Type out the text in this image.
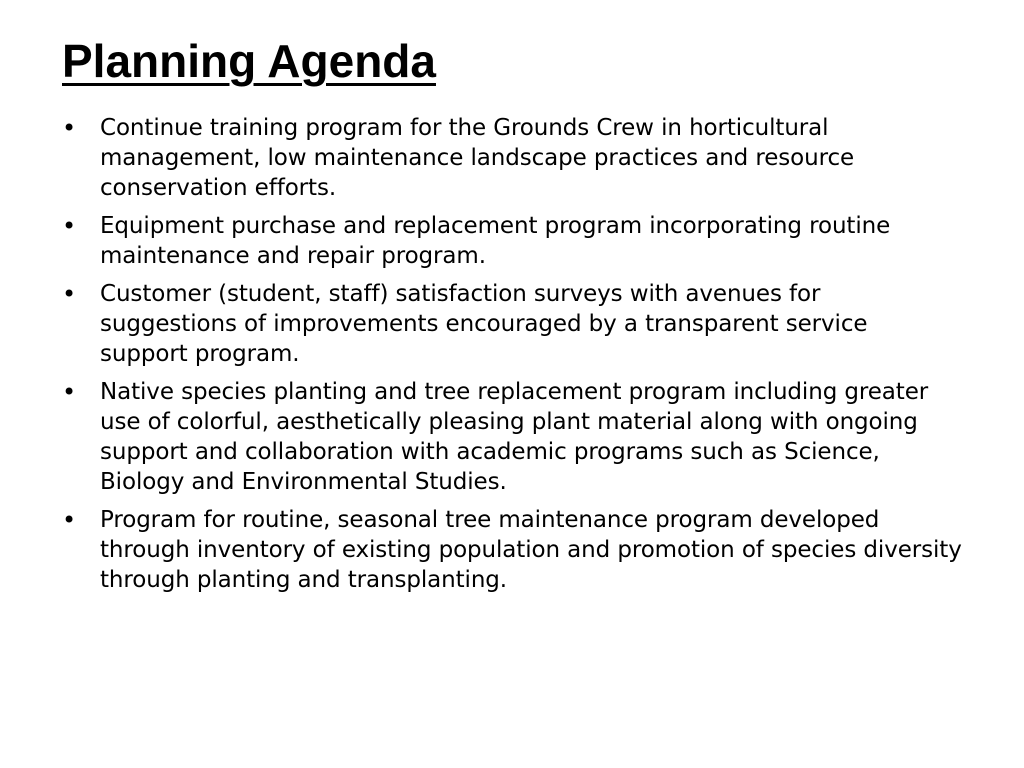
Planning Agenda
•	Continue training program for the Grounds Crew in horticultural management, low maintenance landscape practices and resource conservation efforts.
•	Equipment purchase and replacement program incorporating routine maintenance and repair program.
•	Customer (student, staff) satisfaction surveys with avenues for suggestions of improvements encouraged by a transparent service support program.
•	Native species planting and tree replacement program including greater use of colorful, aesthetically pleasing plant material along with ongoing support and collaboration with academic programs such as Science, Biology and Environmental Studies.
•	Program for routine, seasonal tree maintenance program developed through inventory of existing population and promotion of species diversity through planting and transplanting.
